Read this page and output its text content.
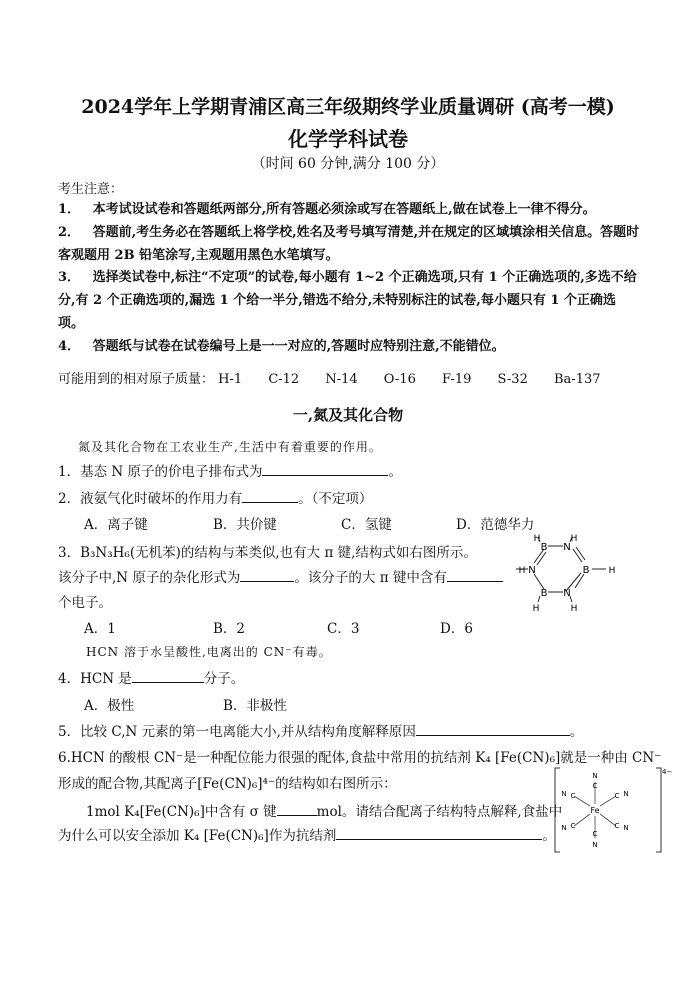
2024学年上学期青浦区高三年级期终学业质量调研 (高考一模)
化学学科试卷
（时间 60 分钟,满分 100 分）
考生注意：
1． 本考试设试卷和答题纸两部分,所有答题必须涂或写在答题纸上,做在试卷上一律不得分。
2． 答题前,考生务必在答题纸上将学校,姓名及考号填写清楚,并在规定的区域填涂相关信息。答题时客观题用 2B 铅笔涂写,主观题用黑色水笔填写。
3． 选择类试卷中,标注“不定项”的试卷,每小题有 1~2 个正确选项,只有 1 个正确选项的,多选不给分,有 2 个正确选项的,漏选 1 个给一半分,错选不给分,未特别标注的试卷,每小题只有 1 个正确选项。
4． 答题纸与试卷在试卷编号上是一一对应的,答题时应特别注意,不能错位。
可能用到的相对原子质量： H-1 C-12 N-14 O-16 F-19 S-32 Ba-137
一,氮及其化合物
氮及其化合物在工农业生产,生活中有着重要的作用。
1．基态 N 原子的价电子排布式为	。
2．液氨气化时破坏的作用力有	。（不定项）
A．离子键	B．共价键	C．氢键	D．范德华力
3．B₃N₃H₆(无机苯)的结构与苯类似,也有大 π 键,结构式如右图所示。
该分子中,N 原子的杂化形式为	。该分子的大 π 键中含有
个电子。
A．1	B．2	C．3	D．6
B N
B
N
B
N
H	H
H
H
H
H
HCN 溶于水呈酸性,电离出的 CN⁻有毒。
4．HCN 是	分子。
A．极性	B．非极性
5．比较 C,N 元素的第一电离能大小,并从结构角度解释原因	。
6.HCN 的酸根 CN⁻是一种配位能力很强的配体,食盐中常用的抗结剂 K₄ [Fe(CN)₆]就是一种由 CN⁻
形成的配合物,其配离子[Fe(CN)₆]⁴⁻的结构如右图所示：
1mol K₄[Fe(CN)₆]中含有 σ 键	mol。请结合配离子结构特点解释,食盐中
为什么可以安全添加 K₄ [Fe(CN)₆]作为抗结剂	。
Fe
N
C
C
N
N C	N
C
N C	N
C
4−
